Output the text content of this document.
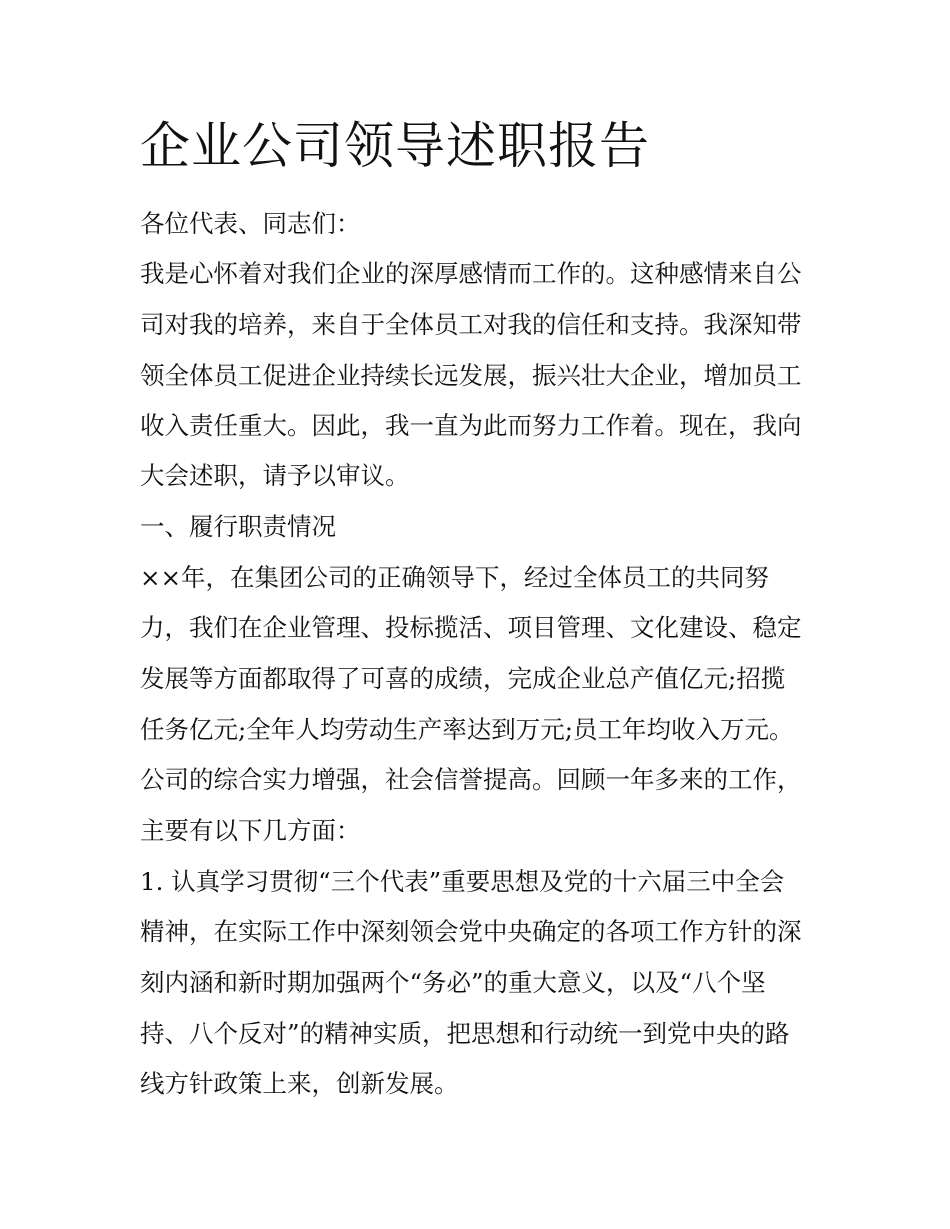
企业公司领导述职报告

各位代表、同志们：

我是心怀着对我们企业的深厚感情而工作的。这种感情来自公

司对我的培养，来自于全体员工对我的信任和支持。我深知带

领全体员工促进企业持续长远发展，振兴壮大企业，增加员工

收入责任重大。因此，我一直为此而努力工作着。现在，我向

大会述职，请予以审议。

一、履行职责情况

××年，在集团公司的正确领导下，经过全体员工的共同努

力，我们在企业管理、投标揽活、项目管理、文化建设、稳定

发展等方面都取得了可喜的成绩，完成企业总产值亿元;招揽

任务亿元;全年人均劳动生产率达到万元;员工年均收入万元。

公司的综合实力增强，社会信誉提高。回顾一年多来的工作，

主要有以下几方面：

1. 认真学习贯彻“三个代表”重要思想及党的十六届三中全会

精神，在实际工作中深刻领会党中央确定的各项工作方针的深

刻内涵和新时期加强两个“务必”的重大意义，以及“八个坚

持、八个反对”的精神实质，把思想和行动统一到党中央的路

线方针政策上来，创新发展。
